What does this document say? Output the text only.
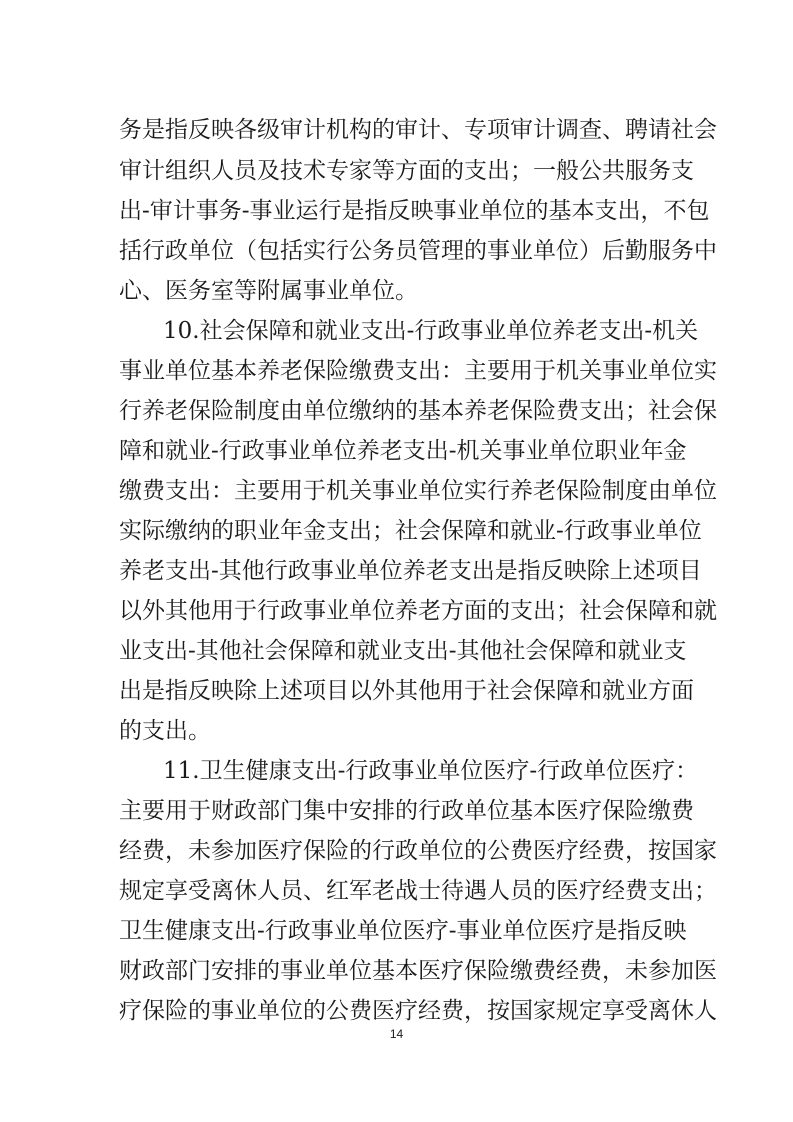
务是指反映各级审计机构的审计、专项审计调查、聘请社会
审计组织人员及技术专家等方面的支出；一般公共服务支
出-审计事务-事业运行是指反映事业单位的基本支出，不包
括行政单位（包括实行公务员管理的事业单位）后勤服务中
心、医务室等附属事业单位。
10.社会保障和就业支出-行政事业单位养老支出-机关
事业单位基本养老保险缴费支出：主要用于机关事业单位实
行养老保险制度由单位缴纳的基本养老保险费支出；社会保
障和就业-行政事业单位养老支出-机关事业单位职业年金
缴费支出：主要用于机关事业单位实行养老保险制度由单位
实际缴纳的职业年金支出；社会保障和就业-行政事业单位
养老支出-其他行政事业单位养老支出是指反映除上述项目
以外其他用于行政事业单位养老方面的支出；社会保障和就
业支出-其他社会保障和就业支出-其他社会保障和就业支
出是指反映除上述项目以外其他用于社会保障和就业方面
的支出。
11.卫生健康支出-行政事业单位医疗-行政单位医疗：
主要用于财政部门集中安排的行政单位基本医疗保险缴费
经费，未参加医疗保险的行政单位的公费医疗经费，按国家
规定享受离休人员、红军老战士待遇人员的医疗经费支出；
卫生健康支出-行政事业单位医疗-事业单位医疗是指反映
财政部门安排的事业单位基本医疗保险缴费经费，未参加医
疗保险的事业单位的公费医疗经费，按国家规定享受离休人
14
